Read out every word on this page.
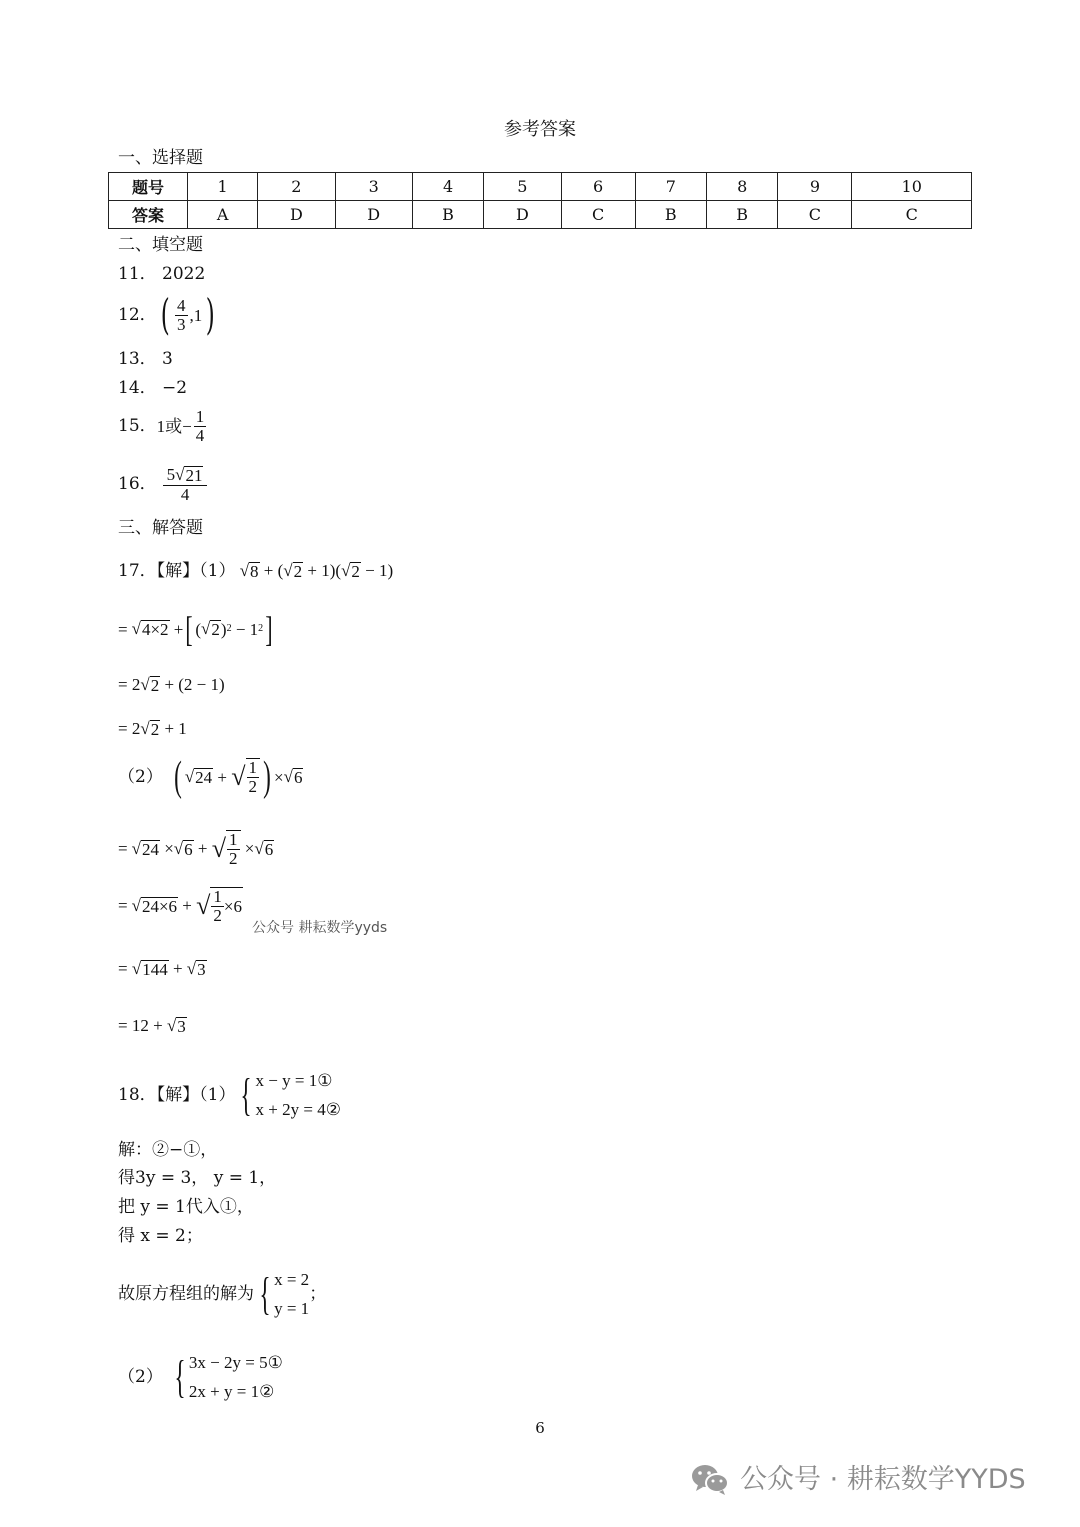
参考答案
一、选择题
题号	1	2	3	4	5	6	7	8	9	10
答案	A	D	D	B	D	C	B	B	C	C
二、填空题
11． 2022
12． ( $\frac{4}{3} ,1$ )
13． 3
14． −2
15． 1或− $\frac{1}{4}$
16． $\frac{5 √ 21}{4}$
三、解答题
17．【解】（1） √ 8 + (√ 2 + 1)(√ 2 − 1)
= √ 4×2 + [ ( √ 2 ) 2 − 1 2 ]
= 2√ 2 + (2 − 1)
= 2√ 2 + 1
（2） ( √ 24 + √ $\frac{1}{2}$ ) × √ 6
= √ 24 × √ 6 + √ $\frac{1}{2}$ × √ 6
= √ 24×6 + √ $\frac{1}{2} \times 6$
公众号 耕耘数学yyds
= √ 144 + √ 3
= 12 + √ 3
18．【解】（1） { x − y = 1①
x + 2y = 4②
解：②−①，
得3y = 3， y = 1，
把 y = 1代入①，
得 x = 2；
故原方程组的解为 { x = 2
y = 1
；
（2） { 3x − 2y = 5①
2x + y = 1②
6
公众号 · 耕耘数学YYDS
